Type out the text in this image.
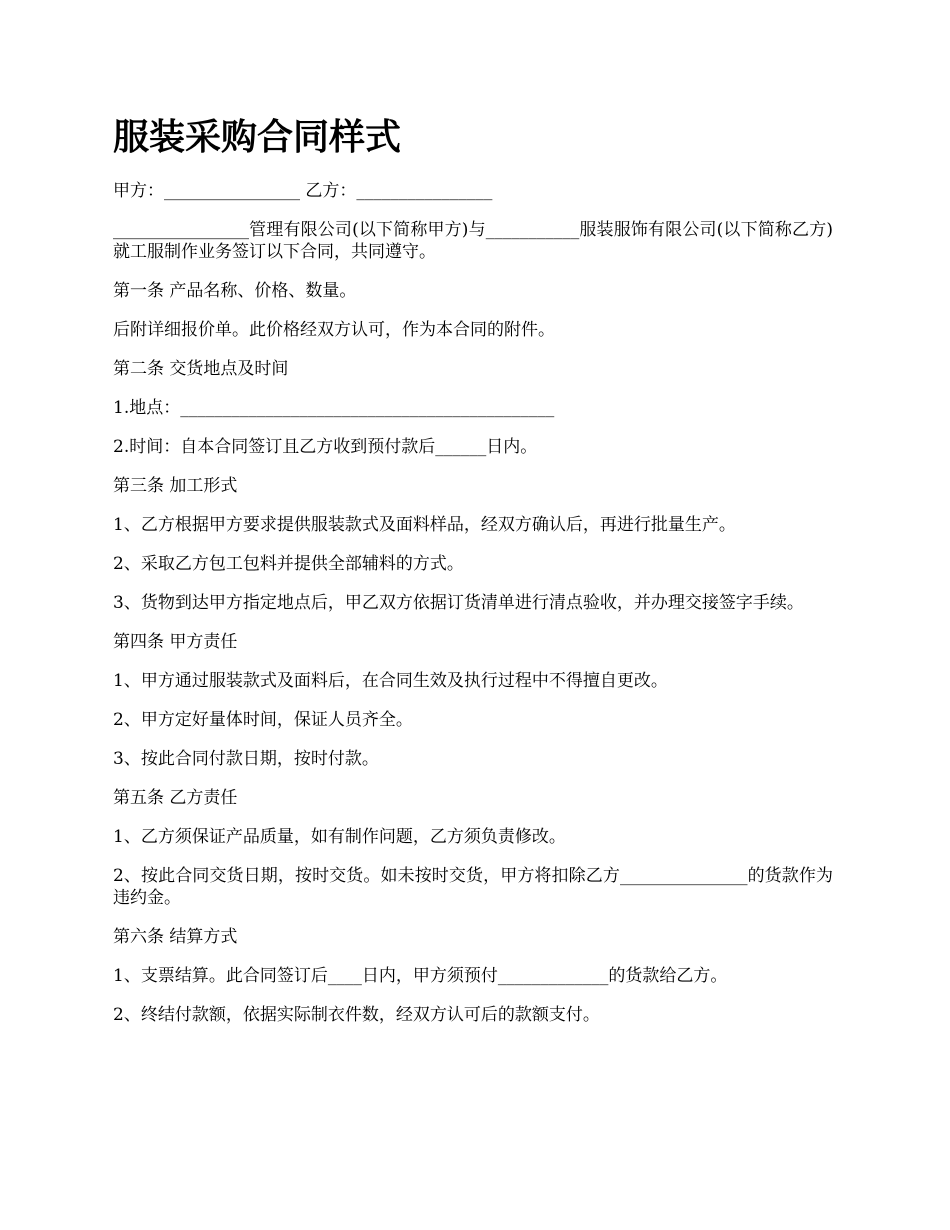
服装采购合同样式

甲方：________________ 乙方：________________

________________管理有限公司(以下简称甲方)与___________服装服饰有限公司(以下简称乙方)就工服制作业务签订以下合同，共同遵守。

第一条 产品名称、价格、数量。

后附详细报价单。此价格经双方认可，作为本合同的附件。

第二条 交货地点及时间

1.地点：____________________________________________

2.时间：自本合同签订且乙方收到预付款后______日内。

第三条 加工形式

1、乙方根据甲方要求提供服装款式及面料样品，经双方确认后，再进行批量生产。

2、采取乙方包工包料并提供全部辅料的方式。

3、货物到达甲方指定地点后，甲乙双方依据订货清单进行清点验收，并办理交接签字手续。

第四条 甲方责任

1、甲方通过服装款式及面料后，在合同生效及执行过程中不得擅自更改。

2、甲方定好量体时间，保证人员齐全。

3、按此合同付款日期，按时付款。

第五条 乙方责任

1、乙方须保证产品质量，如有制作问题，乙方须负责修改。

2、按此合同交货日期，按时交货。如未按时交货，甲方将扣除乙方_______________的货款作为违约金。

第六条 结算方式

1、支票结算。此合同签订后____日内，甲方须预付_____________的货款给乙方。

2、终结付款额，依据实际制衣件数，经双方认可后的款额支付。
